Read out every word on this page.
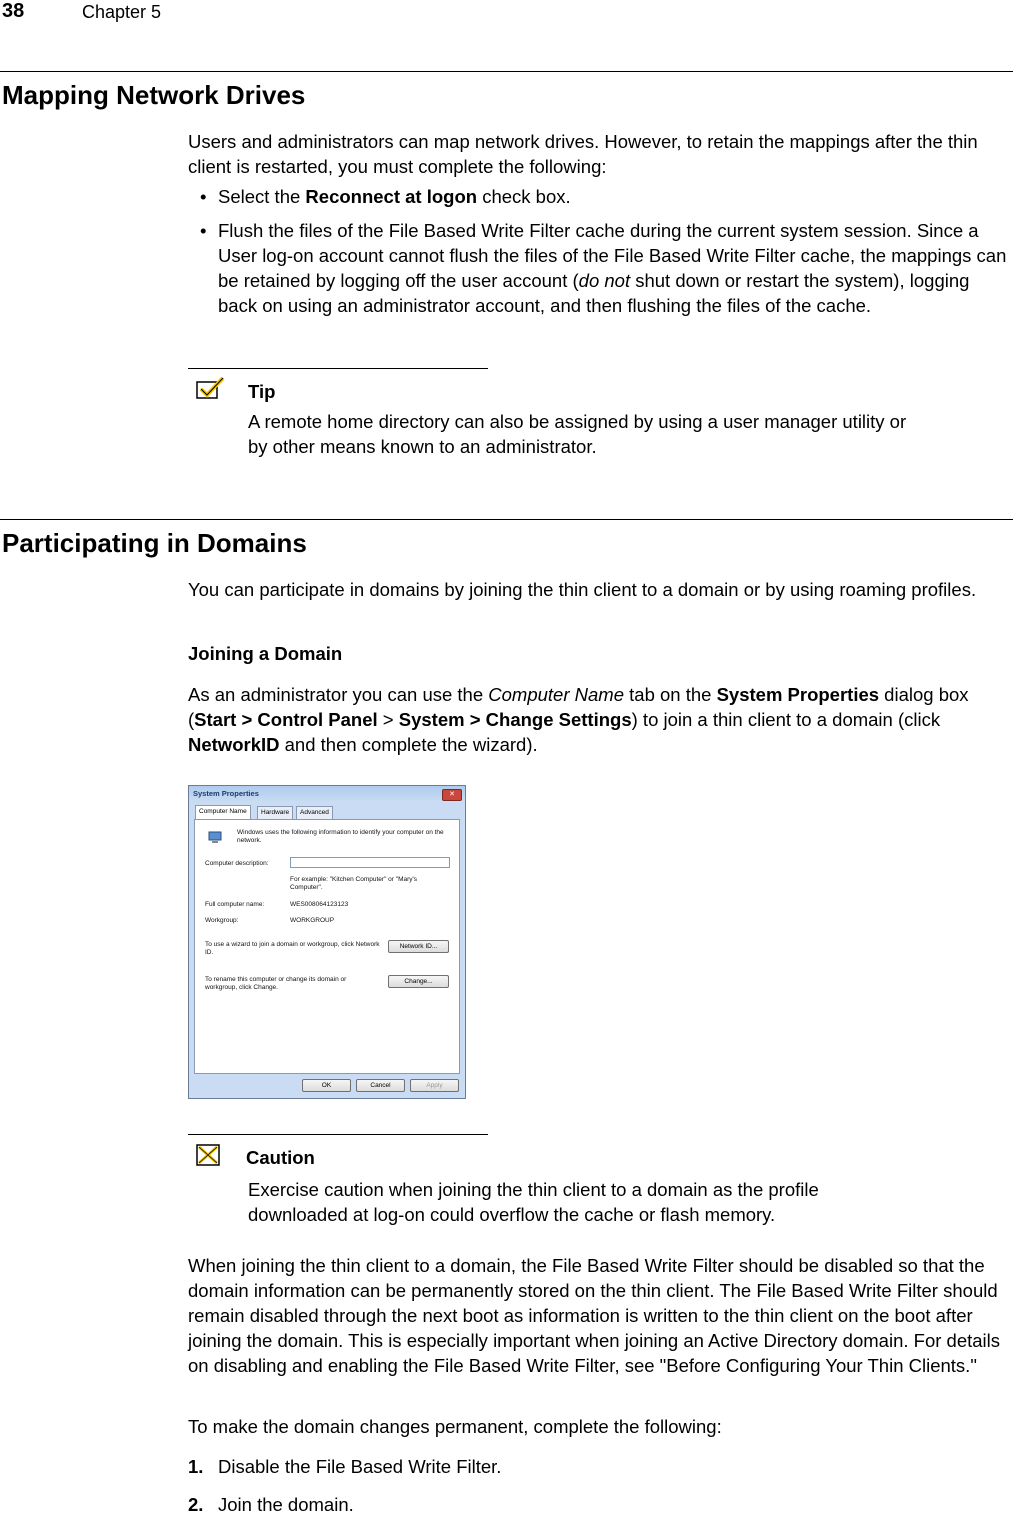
38	Chapter 5
Mapping Network Drives
Users and administrators can map network drives. However, to retain the mappings after the thin client is restarted, you must complete the following:
• Select the Reconnect at logon check box.
• Flush the files of the File Based Write Filter cache during the current system session. Since a User log-on account cannot flush the files of the File Based Write Filter cache, the mappings can be retained by logging off the user account (do not shut down or restart the system), logging back on using an administrator account, and then flushing the files of the cache.
Tip
A remote home directory can also be assigned by using a user manager utility or by other means known to an administrator.
Participating in Domains
You can participate in domains by joining the thin client to a domain or by using roaming profiles.
Joining a Domain
As an administrator you can use the Computer Name tab on the System Properties dialog box (Start > Control Panel > System > Change Settings) to join a thin client to a domain (click NetworkID and then complete the wizard).
System Properties	✕
Computer Name	Hardware	Advanced
Windows uses the following information to identify your computer on the network.
Computer description:
For example: "Kitchen Computer" or "Mary's Computer".
Full computer name:	WES008064123123
Workgroup:	WORKGROUP
To use a wizard to join a domain or workgroup, click Network ID.
Network ID...
To rename this computer or change its domain or workgroup, click Change.
Change...
OK	Cancel	Apply
Caution
Exercise caution when joining the thin client to a domain as the profile downloaded at log-on could overflow the cache or flash memory.
When joining the thin client to a domain, the File Based Write Filter should be disabled so that the domain information can be permanently stored on the thin client. The File Based Write Filter should remain disabled through the next boot as information is written to the thin client on the boot after joining the domain. This is especially important when joining an Active Directory domain. For details on disabling and enabling the File Based Write Filter, see "Before Configuring Your Thin Clients."
To make the domain changes permanent, complete the following:
1. Disable the File Based Write Filter.
2. Join the domain.
